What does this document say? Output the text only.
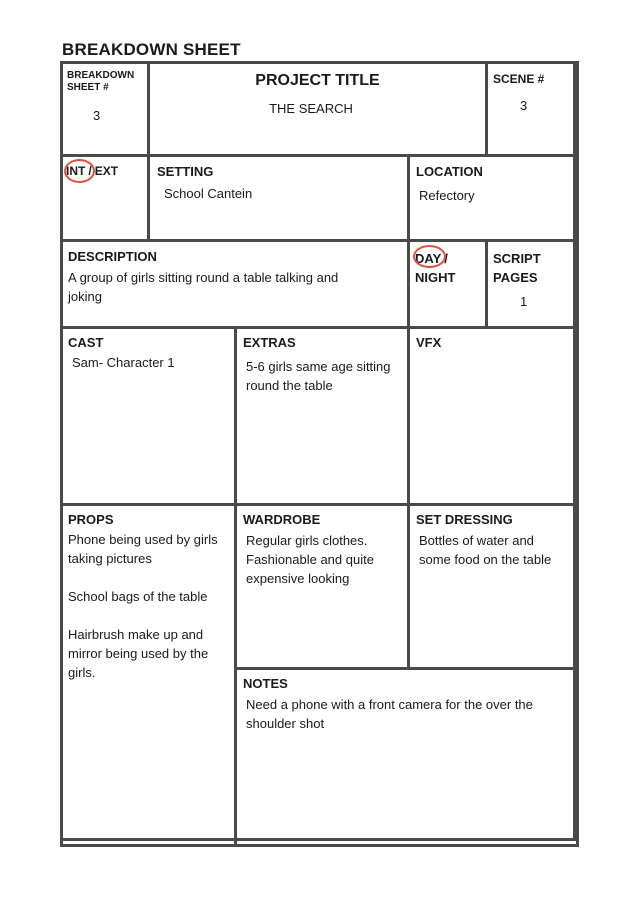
BREAKDOWN SHEET
BREAKDOWN SHEET #
3
PROJECT TITLE
THE SEARCH
SCENE #
3
INT / EXT	SETTING
School Cantein
LOCATION
Refectory
DESCRIPTION
A group of girls sitting round a table talking and joking
DAY /
NIGHT
SCRIPT PAGES
1
CAST
Sam- Character 1
EXTRAS
5-6 girls same age sitting round the table
VFX
PROPS
Phone being used by girls taking pictures
School bags of the table
Hairbrush make up and mirror being used by the girls.
WARDROBE
Regular girls clothes. Fashionable and quite expensive looking
SET DRESSING
Bottles of water and some food on the table
NOTES
Need a phone with a front camera for the over the shoulder shot
